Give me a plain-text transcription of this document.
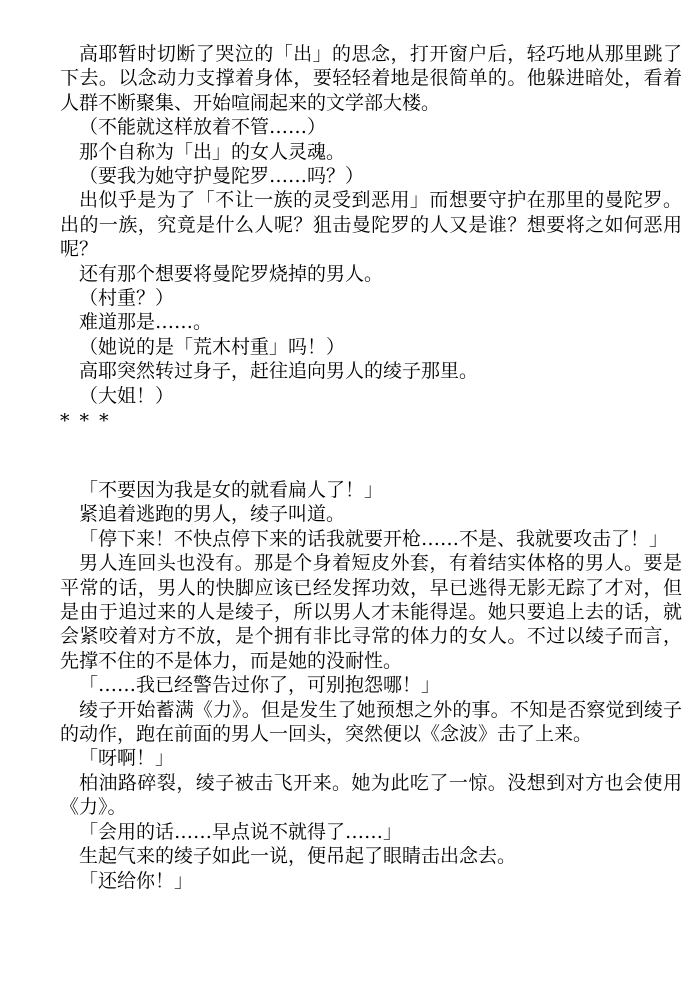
高耶暂时切断了哭泣的「出」的思念，打开窗户后，轻巧地从那里跳了下去。以念动力支撑着身体，要轻轻着地是很简单的。他躲进暗处，看着人群不断聚集、开始喧闹起来的文学部大楼。

（不能就这样放着不管……）

那个自称为「出」的女人灵魂。

（要我为她守护曼陀罗……吗？）

出似乎是为了「不让一族的灵受到恶用」而想要守护在那里的曼陀罗。出的一族，究竟是什么人呢？狙击曼陀罗的人又是谁？想要将之如何恶用呢？

还有那个想要将曼陀罗烧掉的男人。

（村重？）

难道那是……。

（她说的是「荒木村重」吗！）

高耶突然转过身子，赶往追向男人的绫子那里。

（大姐！）

* * *

「不要因为我是女的就看扁人了！」

紧追着逃跑的男人，绫子叫道。

「停下来！不快点停下来的话我就要开枪……不是、我就要攻击了！」

男人连回头也没有。那是个身着短皮外套，有着结实体格的男人。要是平常的话，男人的快脚应该已经发挥功效，早已逃得无影无踪了才对，但是由于追过来的人是绫子，所以男人才未能得逞。她只要追上去的话，就会紧咬着对方不放，是个拥有非比寻常的体力的女人。不过以绫子而言，先撑不住的不是体力，而是她的没耐性。

「……我已经警告过你了，可别抱怨哪！」

绫子开始蓄满《力》。但是发生了她预想之外的事。不知是否察觉到绫子的动作，跑在前面的男人一回头，突然便以《念波》击了上来。

「呀啊！」

柏油路碎裂，绫子被击飞开来。她为此吃了一惊。没想到对方也会使用《力》。

「会用的话……早点说不就得了……」

生起气来的绫子如此一说，便吊起了眼睛击出念去。

「还给你！」
